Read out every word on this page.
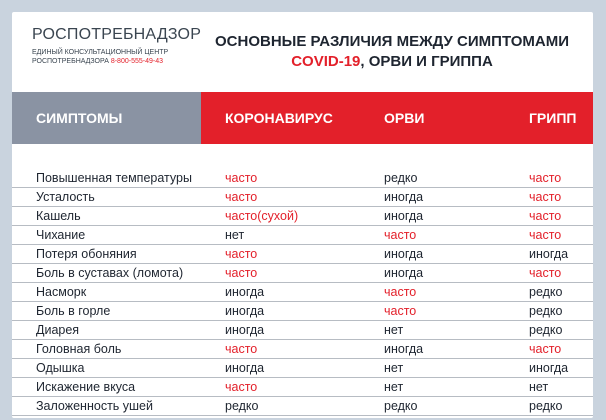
РОСПОТРЕБНАДЗОР
ЕДИНЫЙ КОНСУЛЬТАЦИОННЫЙ ЦЕНТР
РОСПОТРЕБНАДЗОРА 8-800-555-49-43
ОСНОВНЫЕ РАЗЛИЧИЯ МЕЖДУ СИМПТОМАМИ
COVID-19, ОРВИ И ГРИППА
СИМПТОМЫ	КОРОНАВИРУС	ОРВИ	ГРИПП
Повышенная температуры	часто	редко	часто
Усталость	часто	иногда	часто
Кашель	часто(сухой)	иногда	часто
Чихание	нет	часто	часто
Потеря обоняния	часто	иногда	иногда
Боль в суставах (ломота)	часто	иногда	часто
Насморк	иногда	часто	редко
Боль в горле	иногда	часто	редко
Диарея	иногда	нет	редко
Головная боль	часто	иногда	часто
Одышка	иногда	нет	иногда
Искажение вкуса	часто	нет	нет
Заложенность ушей	редко	редко	редко
